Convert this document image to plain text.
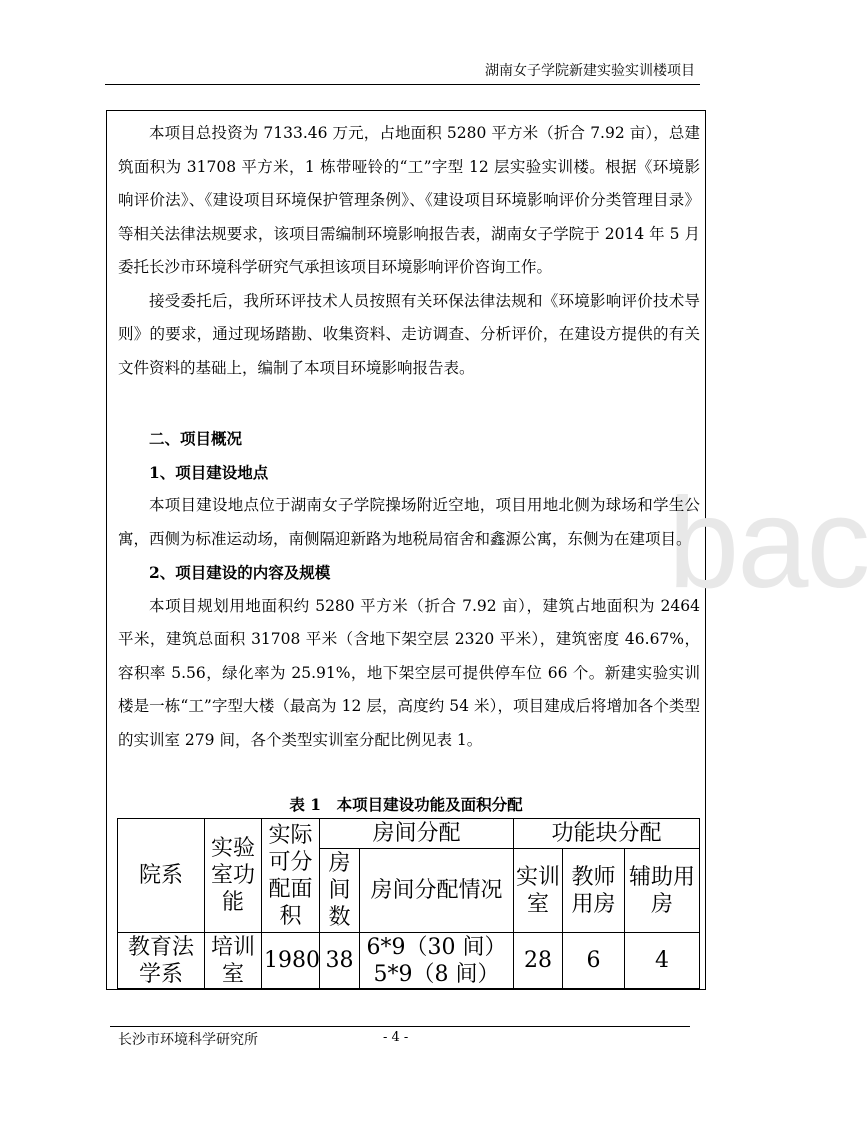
湖南女子学院新建实验实训楼项目
bac

本项目总投资为 7133.46 万元，占地面积 5280 平方米（折合 7.92 亩），总建筑面积为 31708 平方米，1 栋带哑铃的“工”字型 12 层实验实训楼。根据《环境影响评价法》、《建设项目环境保护管理条例》、《建设项目环境影响评价分类管理目录》等相关法律法规要求，该项目需编制环境影响报告表，湖南女子学院于 2014 年 5 月委托长沙市环境科学研究气承担该项目环境影响评价咨询工作。

接受委托后，我所环评技术人员按照有关环保法律法规和《环境影响评价技术导则》的要求，通过现场踏勘、收集资料、走访调查、分析评价，在建设方提供的有关文件资料的基础上，编制了本项目环境影响报告表。

二、项目概况

1、项目建设地点

本项目建设地点位于湖南女子学院操场附近空地，项目用地北侧为球场和学生公寓，西侧为标准运动场，南侧隔迎新路为地税局宿舍和鑫源公寓，东侧为在建项目。

2、项目建设的内容及规模

本项目规划用地面积约 5280 平方米（折合 7.92 亩），建筑占地面积为 2464 平米，建筑总面积 31708 平米（含地下架空层 2320 平米），建筑密度 46.67%，容积率 5.56，绿化率为 25.91%，地下架空层可提供停车位 66 个。新建实验实训楼是一栋“工”字型大楼（最高为 12 层，高度约 54 米），项目建成后将增加各个类型的实训室 279 间，各个类型实训室分配比例见表 1。

表 1　本项目建设功能及面积分配
院系	实验室功能	实际可分配面积	房间分配		功能块分配		
			房间数	房间分配情况	实训室	教师用房	辅助用房
教育法学系	培训室	1980	38	6*9（30 间）5*9（8 间）	28	6	4
长沙市环境科学研究所	- 4 -
